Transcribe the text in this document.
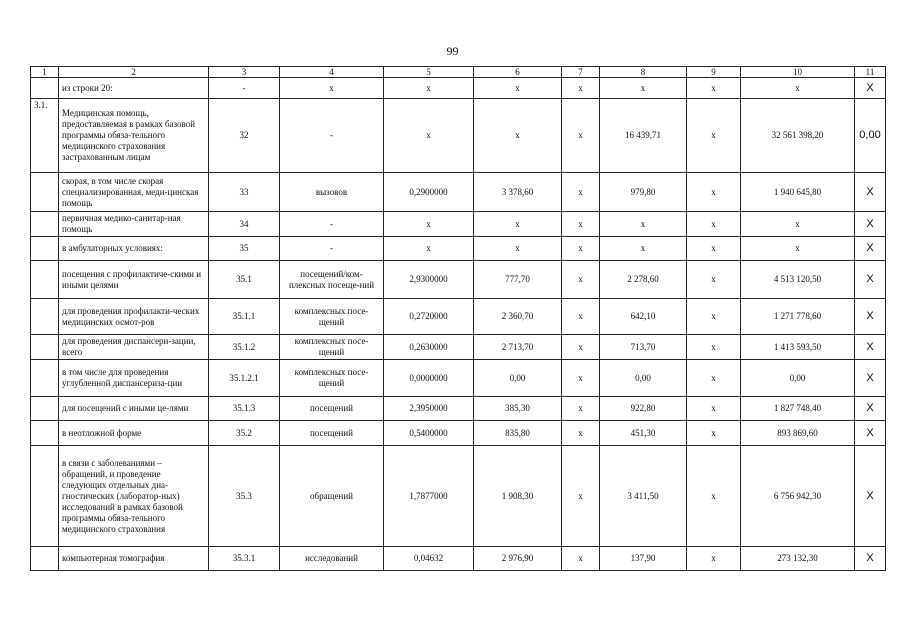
99
1	2	3	4	5	6	7	8	9	10	11
	из строки 20:	-	x	x	x	x	x	x	x	X
3.1.	Медицинская помощь, предоставляемая в рамках базовой программы обяза-тельного медицинского страхования застрахованным лицам	32	-	x	x	x	16 439,71	x	32 561 398,20	0,00
	скорая, в том числе скорая специализированная, меди-цинская помощь	33	вызовов	0,2900000	3 378,60	x	979,80	x	1 940 645,80	X
	первичная медико-санитар-ная помощь	34	-	x	x	x	x	x	x	X
	в амбулаторных условиях:	35	-	x	x	x	x	x	x	X
	посещения с профилактиче-скими и иными целями	35.1	посещений/ком-плексных посеще-ний	2,9300000	777,70	x	2 278,60	x	4 513 120,50	X
	для проведения профилакти-ческих медицинских осмот-ров	35.1.1	комплексных посе-щений	0,2720000	2 360,70	x	642,10	x	1 271 778,60	X
	для проведения диспансери-зации, всего	35.1.2	комплексных посе-щений	0,2630000	2 713,70	x	713,70	x	1 413 593,50	X
	в том числе для проведения углубленной диспансеризa-ции	35.1.2.1	комплексных посе-щений	0,0000000	0,00	x	0,00	x	0,00	X
	для посещений с иными це-лями	35.1.3	посещений	2,3950000	385,30	x	922,80	x	1 827 748,40	X
	в неотложной форме	35.2	посещений	0,5400000	835,80	x	451,30	x	893 869,60	X
	в связи с заболеваниями – обращений, и проведение следующих отдельных диа-гностических (лаборатор-ных) исследований в рамках базовой программы обяза-тельного медицинского страхования	35.3	обращений	1,7877000	1 908,30	x	3 411,50	x	6 756 942,30	X
	компьютерная томография	35.3.1	исследований	0,04632	2 976,90	x	137,90	x	273 132,30	X
